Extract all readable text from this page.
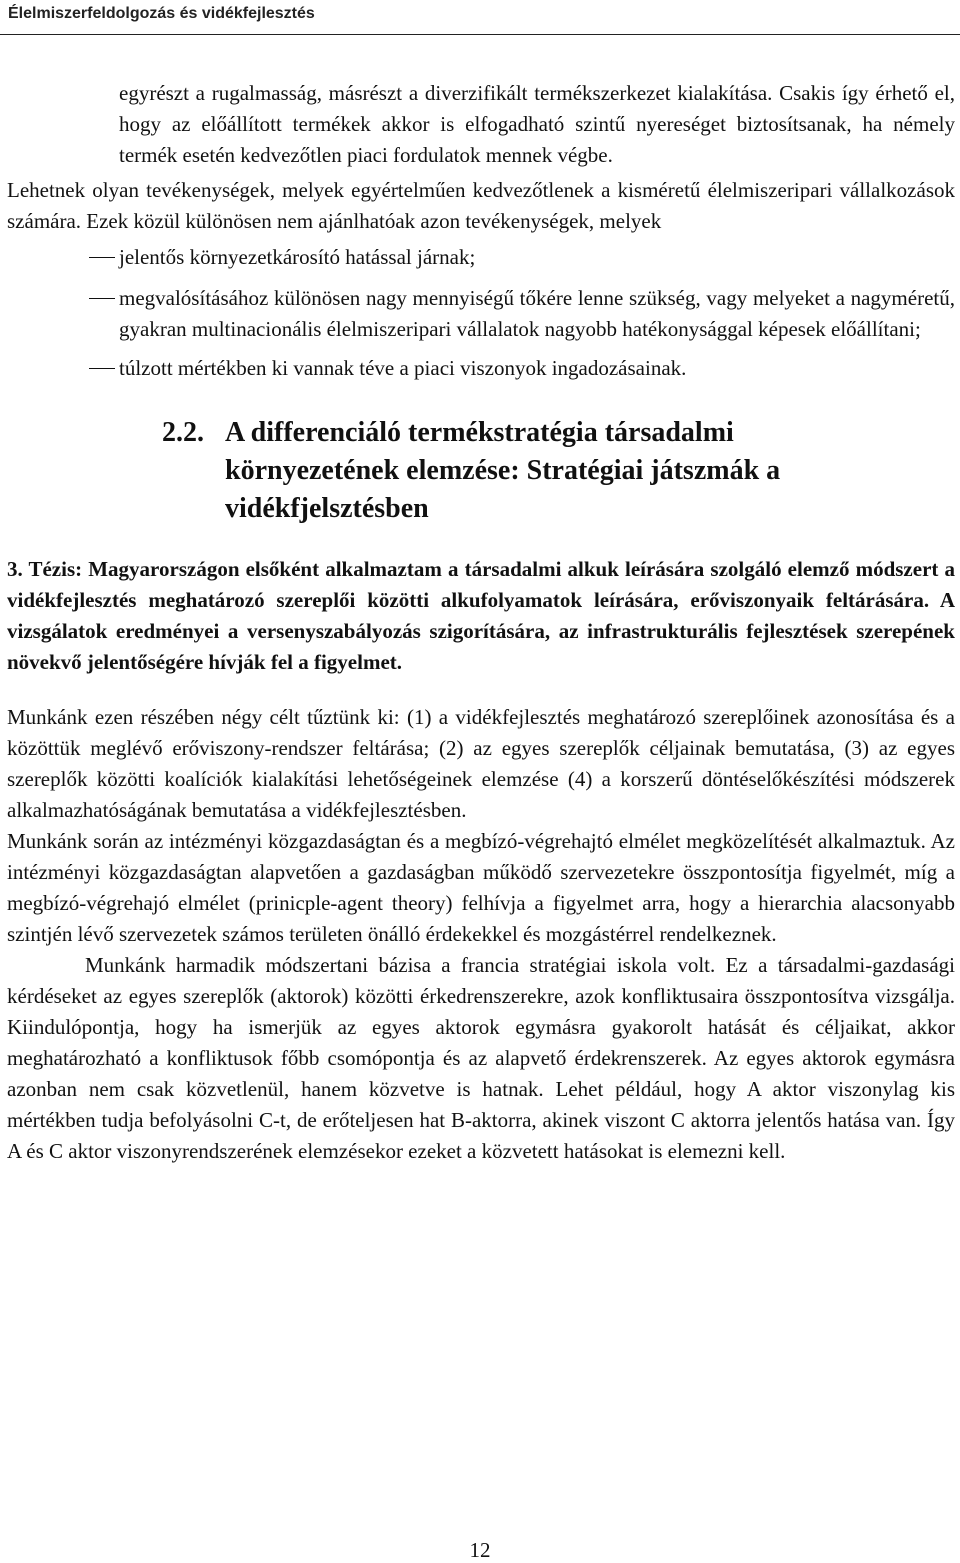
Élelmiszerfeldolgozás és vidékfejlesztés

egyrészt a rugalmasság, másrészt a diverzifikált termékszerkezet kialakítása. Csakis így érhető el, hogy az előállított termékek akkor is elfogadható szintű nyereséget biztosítsanak, ha némely termék esetén kedvezőtlen piaci fordulatok mennek végbe.

Lehetnek olyan tevékenységek, melyek egyértelműen kedvezőtlenek a kisméretű élelmiszeripari vállalkozások számára. Ezek közül különösen nem ajánlhatóak azon tevékenységek, melyek

jelentős környezetkárosító hatással járnak;
megvalósításához különösen nagy mennyiségű tőkére lenne szükség, vagy melyeket a nagyméretű, gyakran multinacionális élelmiszeripari vállalatok nagyobb hatékonysággal képesek előállítani;
túlzott mértékben ki vannak téve a piaci viszonyok ingadozásainak.
2.2. A differenciáló termékstratégia társadalmi környezetének elemzése: Stratégiai játszmák a vidékfjelsztésben

3. Tézis: Magyarországon elsőként alkalmaztam a társadalmi alkuk leírására szolgáló elemző módszert a vidékfejlesztés meghatározó szereplői közötti alkufolyamatok leírására, erőviszonyaik feltárására. A vizsgálatok eredményei a versenyszabályozás szigorítására, az infrastrukturális fejlesztések szerepének növekvő jelentőségére hívják fel a figyelmet.

Munkánk ezen részében négy célt tűztünk ki: (1) a vidékfejlesztés meghatározó szereplőinek azonosítása és a közöttük meglévő erőviszony-rendszer feltárása; (2) az egyes szereplők céljainak bemutatása, (3) az egyes szereplők közötti koalíciók kialakítási lehetőségeinek elemzése (4) a korszerű döntéselőkészítési módszerek alkalmazhatóságának bemutatása a vidékfejlesztésben.

Munkánk során az intézményi közgazdaságtan és a megbízó-végrehajtó elmélet megközelítését alkalmaztuk. Az intézményi közgazdaságtan alapvetően a gazdaságban működő szervezetekre összpontosítja figyelmét, míg a megbízó-végrehajó elmélet (prinicple-agent theory) felhívja a figyelmet arra, hogy a hierarchia alacsonyabb szintjén lévő szervezetek számos területen önálló érdekekkel és mozgástérrel rendelkeznek.

Munkánk harmadik módszertani bázisa a francia stratégiai iskola volt. Ez a társadalmi-gazdasági kérdéseket az egyes szereplők (aktorok) közötti érkedrenszerekre, azok konfliktusaira összpontosítva vizsgálja. Kiindulópontja, hogy ha ismerjük az egyes aktorok egymásra gyakorolt hatását és céljaikat, akkor meghatározható a konfliktusok főbb csomópontja és az alapvető érdekrenszerek. Az egyes aktorok egymásra azonban nem csak közvetlenül, hanem közvetve is hatnak. Lehet például, hogy A aktor viszonylag kis mértékben tudja befolyásolni C-t, de erőteljesen hat B-aktorra, akinek viszont C aktorra jelentős hatása van. Így A és C aktor viszonyrendszerének elemzésekor ezeket a közvetett hatásokat is elemezni kell.

12
